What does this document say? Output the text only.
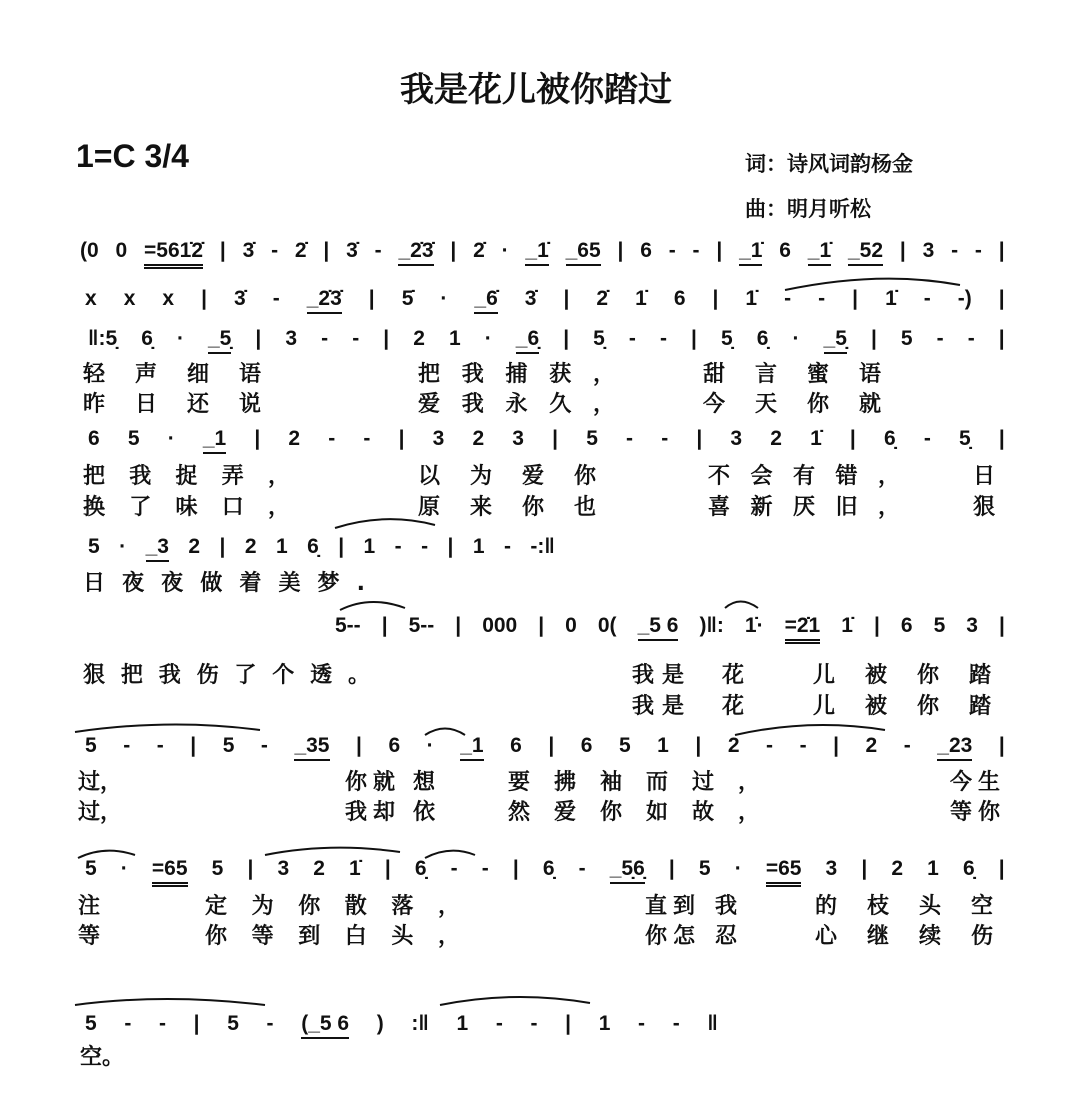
我是花儿被你踏过
1=C 3/4	词：诗风词韵杨金
曲：明月听松
(0 0 =561̇2̇ | 3̇ - 2̇ | 3̇ - _2̇3̇ | 2̇ · _1̇ _65 | 6 - - | _1̇ 6 _1̇ _52 | 3 - - |
x x x | 3̇ - _2̇3̇ | 5̇ · _6̇ 3̇ | 2̇ 1̇ 6 | 1̇ - - | 1̇ - -) |
‖:5̣ 6̣ · _5̣ | 3 - - | 2 1 · _6̣ | 5̣ - - | 5̣ 6̣ · _5̣ | 5 - - |
6 5 · _1 | 2 - - | 3 2 3 | 5 - - | 3 2 1̇ | 6̣ - 5̣ |
5 · _3 2 | 2 1 6̣ | 1 - - | 1 - -:‖
5-- | 5-- | 000 | 0 0( _5 6 )‖: 1̇· =2̇1 1̇ | 6 5 3 |
5 - - | 5 - _35 | 6 · _1 6 | 6 5 1 | 2 - - | 2 - _23 |
5 · =65 5 | 3 2 1̇ | 6̣ - - | 6̣ - _5̣6̣ | 5 · =65 3 | 2 1 6̣ |
5 - - | 5 - (_5 6 ) :‖ 1 - - | 1 - - ‖
轻声细语	把我捕获，	甜言蜜语
昨日还说	爱我永久，	今天你就
把我捉弄，	以为爱你	不会有错， 日
换了味口，	原来你也	喜新厌旧， 狠
日夜夜做着美梦.
狠把我伤了个透。	我是 花	儿被你踏
我是 花	儿被你踏
过，	你就 想	要拂袖而过，	今生
过，	我却 依	然爱你如故，	等你
注	定为你散落，	直到 我	的枝头空
等	你等到白头，	你怎 忍	心继续伤
空。
